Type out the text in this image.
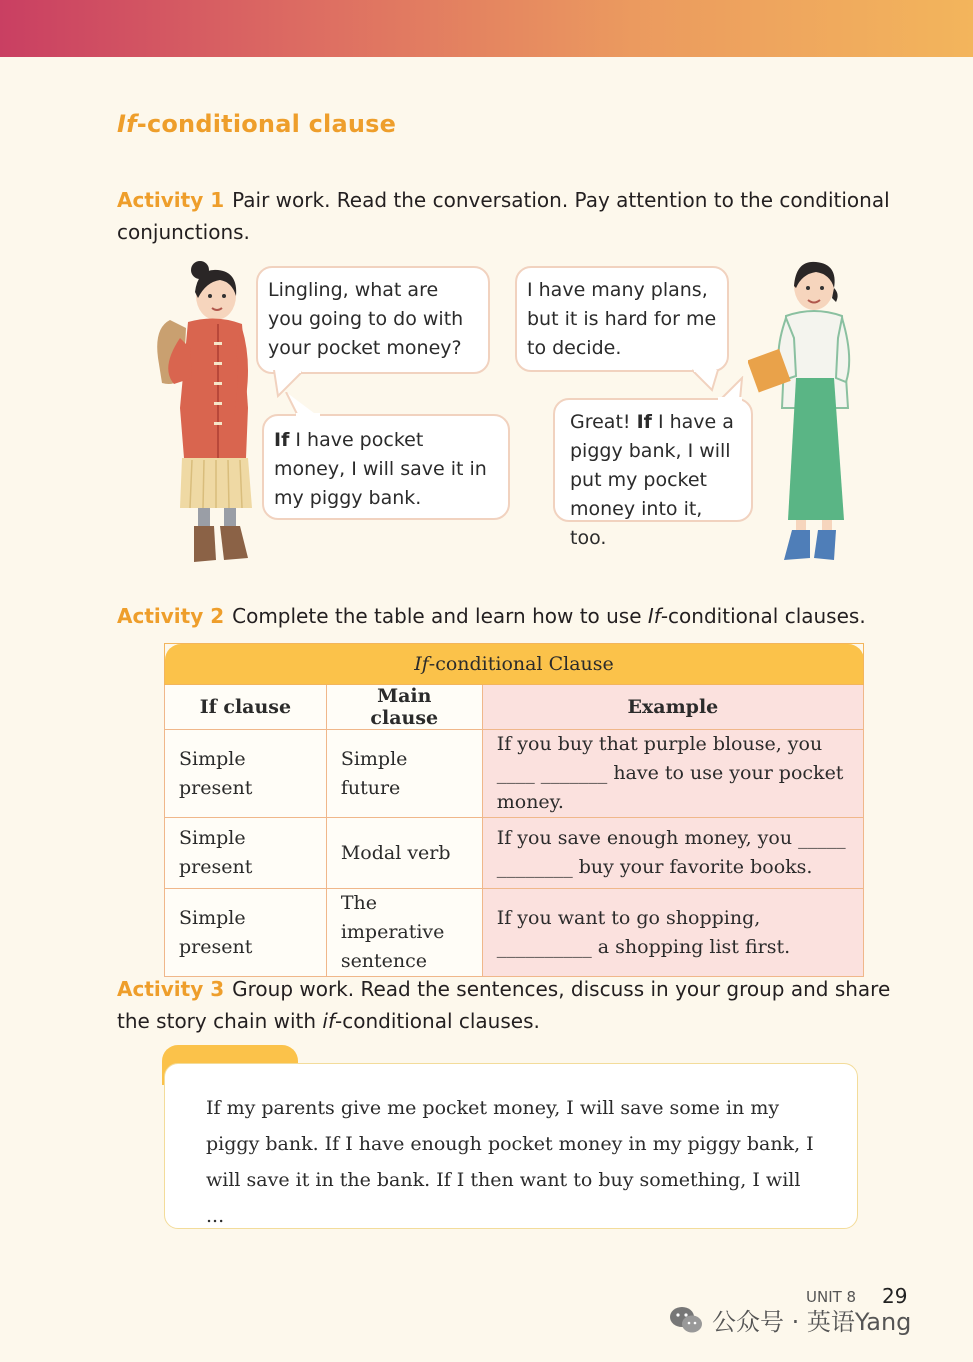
If-conditional clause
Activity 1 Pair work. Read the conversation. Pay attention to the conditional conjunctions.
Lingling, what are you going to do with your pocket money?
I have many plans, but it is hard for me to decide.
If I have pocket money, I will save it in my piggy bank.
Great! If I have a piggy bank, I will put my pocket money into it, too.
Activity 2 Complete the table and learn how to use If-conditional clauses.
If-conditional Clause		
If clause	Main clause	Example
Simple present	Simple future	If you buy that purple blouse, you ____ _______ have to use your pocket money.
Simple present	Modal verb	If you save enough money, you _____ ________ buy your favorite books.
Simple present	The imperative sentence	If you want to go shopping, __________ a shopping list first.
Activity 3 Group work. Read the sentences, discuss in your group and share the story chain with if-conditional clauses.
If my parents give me pocket money, I will save some in my piggy bank. If I have enough pocket money in my piggy bank, I will save it in the bank. If I then want to buy something, I will ...
UNIT 8 29
公众号 · 英语Yang
